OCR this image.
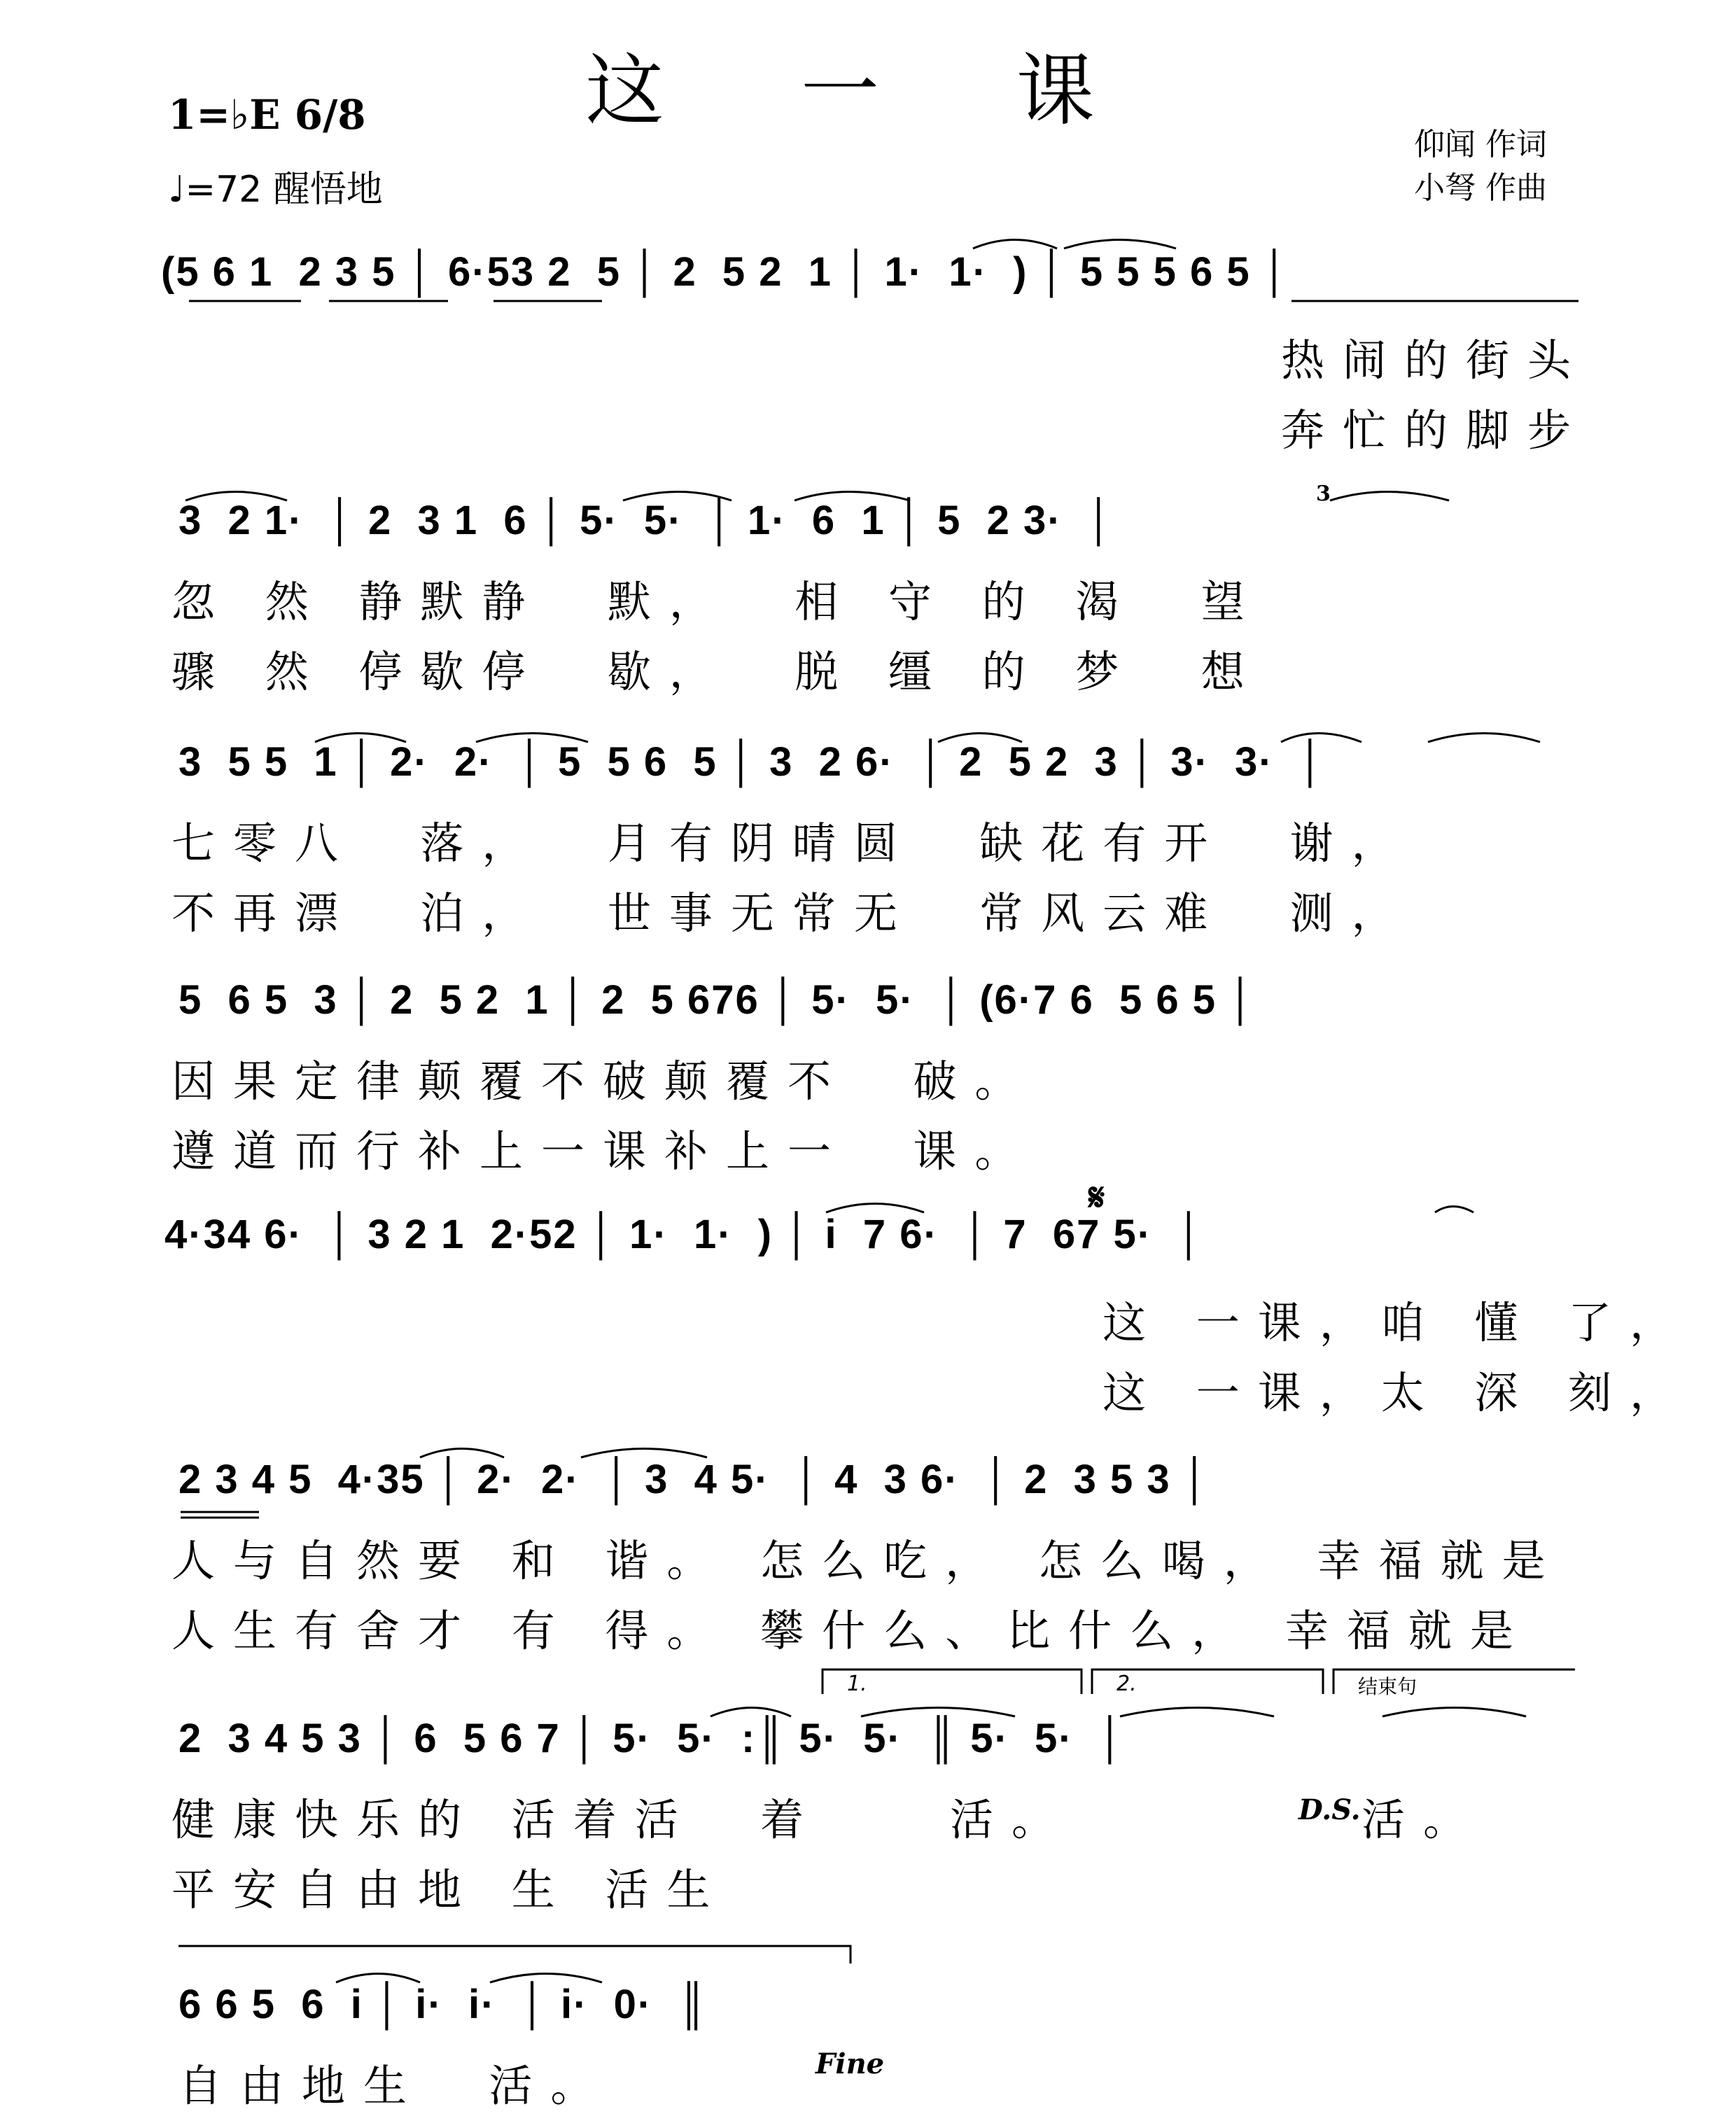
这 一 课
1=♭E 6/8
♩=72 醒悟地
仰闻 作词
小弩 作曲
(5 6 1  2 3 5 │ 6·53 2  5 │ 2  5 2  1 │ 1·  1·  ) │ 5 5 5 6 5 │
热闹的街头
奔忙的脚步
3  2 1·  │ 2  3 1  6 │ 5·  5·  │ 1·  6  1 │ 5  2 3·  │
3
忽 然 静默静  默，  相 守 的 渴  望
骤 然 停歇停  歇，  脱 缰 的 梦  想
3  5 5  1 │ 2·  2·  │ 5  5 6  5 │ 3  2 6·  │ 2  5 2  3 │ 3·  3·  │
七零八  落，  月有阴晴圆  缺花有开  谢，
不再漂  泊，  世事无常无  常风云难  测，
5  6 5  3 │ 2  5 2  1 │ 2  5 676 │ 5·  5·  │ (6·7 6  5 6 5 │
因果定律颠覆不破颠覆不  破。
遵道而行补上一课补上一  课。
4·34 6·  │ 3 2 1  2·52 │ 1·  1·  ) │ i  7 6·  │ 7  67 5·  │
𝄋
这 一课，咱 懂 了，
这 一课，太 深 刻，
2 3 4 5  4·35 │ 2·  2·  │ 3  4 5·  │ 4  3 6·  │ 2  3 5 3 │
人与自然要 和 谐。 怎么吃， 怎么喝， 幸福就是
人生有舍才 有 得。 攀什么、比什么， 幸福就是
1.	2.	结束句
2  3 4 5 3 │ 6  5 6 7 │ 5·  5·  :║ 5·  5·  ║ 5·  5·  │
健康快乐的 活着活  着    活。	D.S. 活。
平安自由地 生 活生
6 6 5  6  i │ i·  i·  │ i·  0·  ║
自由地生  活。	Fine
